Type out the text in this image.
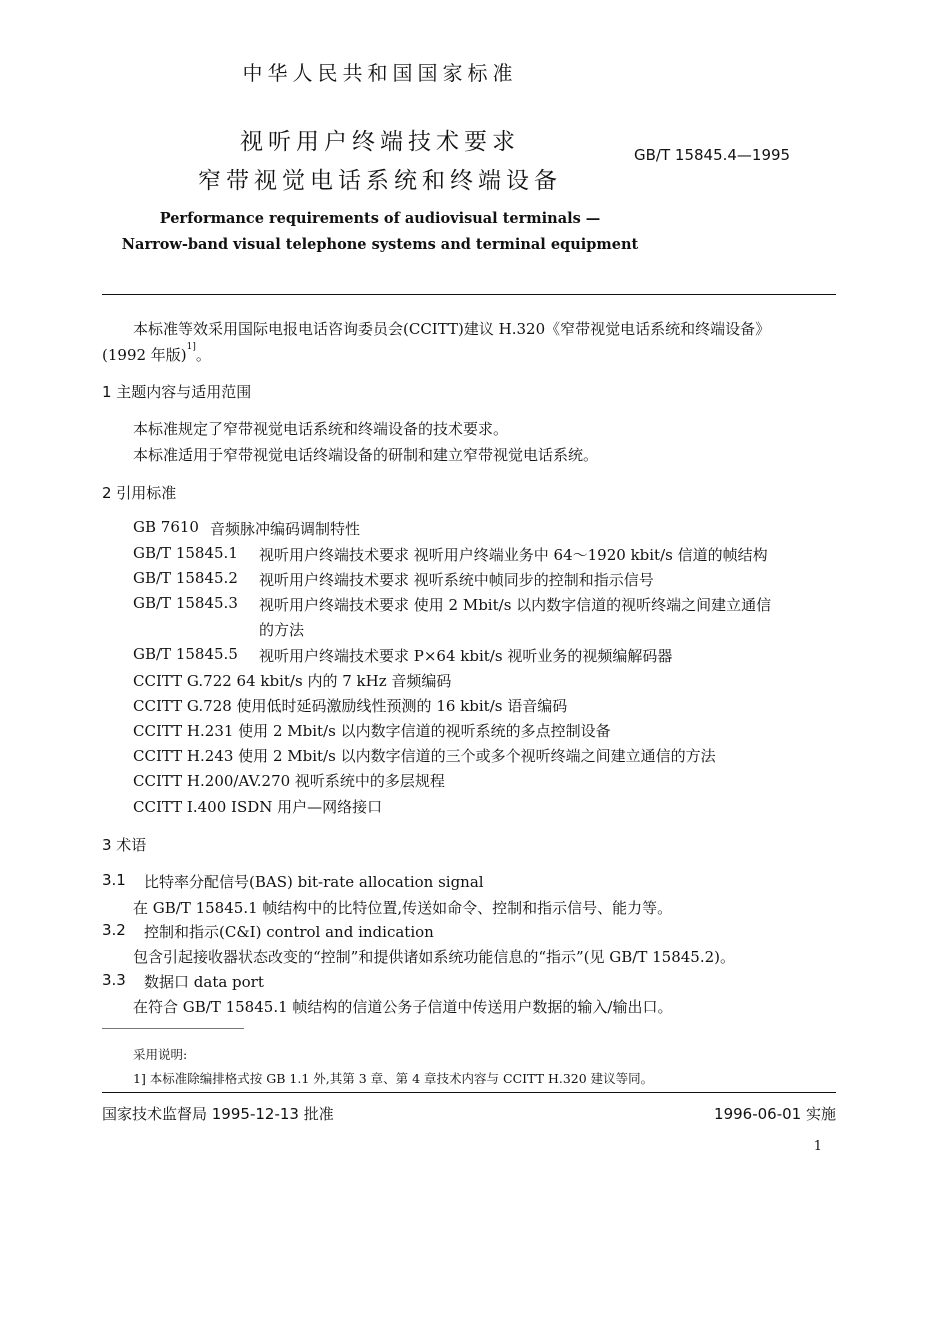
中华人民共和国国家标准
视听用户终端技术要求
窄带视觉电话系统和终端设备
GB/T 15845.4—1995
Performance requirements of audiovisual terminals —
Narrow-band visual telephone systems and terminal equipment
本标准等效采用国际电报电话咨询委员会(CCITT)建议 H.320《窄带视觉电话系统和终端设备》
(1992 年版)$^{1]}$。
1 主题内容与适用范围
本标准规定了窄带视觉电话系统和终端设备的技术要求。
本标准适用于窄带视觉电话终端设备的研制和建立窄带视觉电话系统。
2 引用标准
GB 7610 音频脉冲编码调制特性
GB/T 15845.1 视听用户终端技术要求 视听用户终端业务中 64～1920 kbit/s 信道的帧结构
GB/T 15845.2 视听用户终端技术要求 视听系统中帧同步的控制和指示信号
GB/T 15845.3 视听用户终端技术要求 使用 2 Mbit/s 以内数字信道的视听终端之间建立通信
的方法
GB/T 15845.5 视听用户终端技术要求 P×64 kbit/s 视听业务的视频编解码器
CCITT G.722 64 kbit/s 内的 7 kHz 音频编码
CCITT G.728 使用低时延码激励线性预测的 16 kbit/s 语音编码
CCITT H.231 使用 2 Mbit/s 以内数字信道的视听系统的多点控制设备
CCITT H.243 使用 2 Mbit/s 以内数字信道的三个或多个视听终端之间建立通信的方法
CCITT H.200/AV.270 视听系统中的多层规程
CCITT I.400 ISDN 用户—网络接口
3 术语
3.1 比特率分配信号(BAS) bit-rate allocation signal
在 GB/T 15845.1 帧结构中的比特位置,传送如命令、控制和指示信号、能力等。
3.2 控制和指示(C&I) control and indication
包含引起接收器状态改变的“控制”和提供诸如系统功能信息的“指示”(见 GB/T 15845.2)。
3.3 数据口 data port
在符合 GB/T 15845.1 帧结构的信道公务子信道中传送用户数据的输入/输出口。
采用说明:
1] 本标准除编排格式按 GB 1.1 外,其第 3 章、第 4 章技术内容与 CCITT H.320 建议等同。
国家技术监督局 1995-12-13 批准	1996-06-01 实施
1
